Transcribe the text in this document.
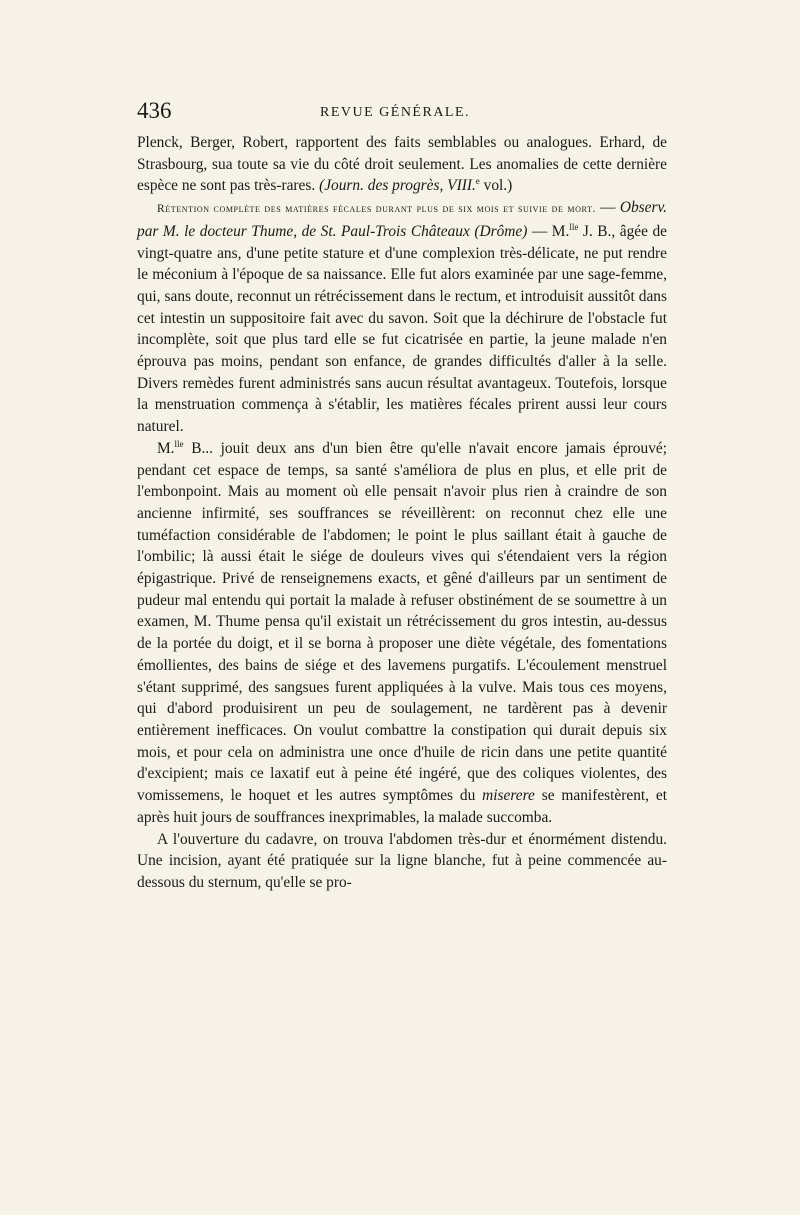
436	REVUE GÉNÉRALE.

Plenck, Berger, Robert, rapportent des faits semblables ou analogues. Erhard, de Strasbourg, sua toute sa vie du côté droit seulement. Les anomalies de cette dernière espèce ne sont pas très-rares. (Journ. des progrès, VIII.$^e$ vol.)

Rétention complète des matières fécales durant plus de six mois et suivie de mort. — Observ. par M. le docteur Thume, de St. Paul-Trois Châteaux (Drôme) — M.$^{lle}$ J. B., âgée de vingt-quatre ans, d'une petite stature et d'une complexion très-délicate, ne put rendre le méconium à l'époque de sa naissance. Elle fut alors examinée par une sage-femme, qui, sans doute, reconnut un rétrécissement dans le rectum, et introduisit aussitôt dans cet intestin un suppositoire fait avec du savon. Soit que la déchirure de l'obstacle fut incomplète, soit que plus tard elle se fut cicatrisée en partie, la jeune malade n'en éprouva pas moins, pendant son enfance, de grandes difficultés d'aller à la selle. Divers remèdes furent administrés sans aucun résultat avantageux. Toutefois, lorsque la menstruation commença à s'établir, les matières fécales prirent aussi leur cours naturel.

M.$^{lle}$ B... jouit deux ans d'un bien être qu'elle n'avait encore jamais éprouvé; pendant cet espace de temps, sa santé s'améliora de plus en plus, et elle prit de l'embonpoint. Mais au moment où elle pensait n'avoir plus rien à craindre de son ancienne infirmité, ses souffrances se réveillèrent: on reconnut chez elle une tuméfaction considérable de l'abdomen; le point le plus saillant était à gauche de l'ombilic; là aussi était le siége de douleurs vives qui s'étendaient vers la région épigastrique. Privé de renseignemens exacts, et gêné d'ailleurs par un sentiment de pudeur mal entendu qui portait la malade à refuser obstinément de se soumettre à un examen, M. Thume pensa qu'il existait un rétrécissement du gros intestin, au-dessus de la portée du doigt, et il se borna à proposer une diète végétale, des fomentations émollientes, des bains de siége et des lavemens purgatifs. L'écoulement menstruel s'étant supprimé, des sangsues furent appliquées à la vulve. Mais tous ces moyens, qui d'abord produisirent un peu de soulagement, ne tardèrent pas à devenir entièrement inefficaces. On voulut combattre la constipation qui durait depuis six mois, et pour cela on administra une once d'huile de ricin dans une petite quantité d'excipient; mais ce laxatif eut à peine été ingéré, que des coliques violentes, des vomissemens, le hoquet et les autres symptômes du miserere se manifestèrent, et après huit jours de souffrances inexprimables, la malade succomba.

A l'ouverture du cadavre, on trouva l'abdomen très-dur et énormément distendu. Une incision, ayant été pratiquée sur la ligne blanche, fut à peine commencée au-dessous du sternum, qu'elle se pro-
